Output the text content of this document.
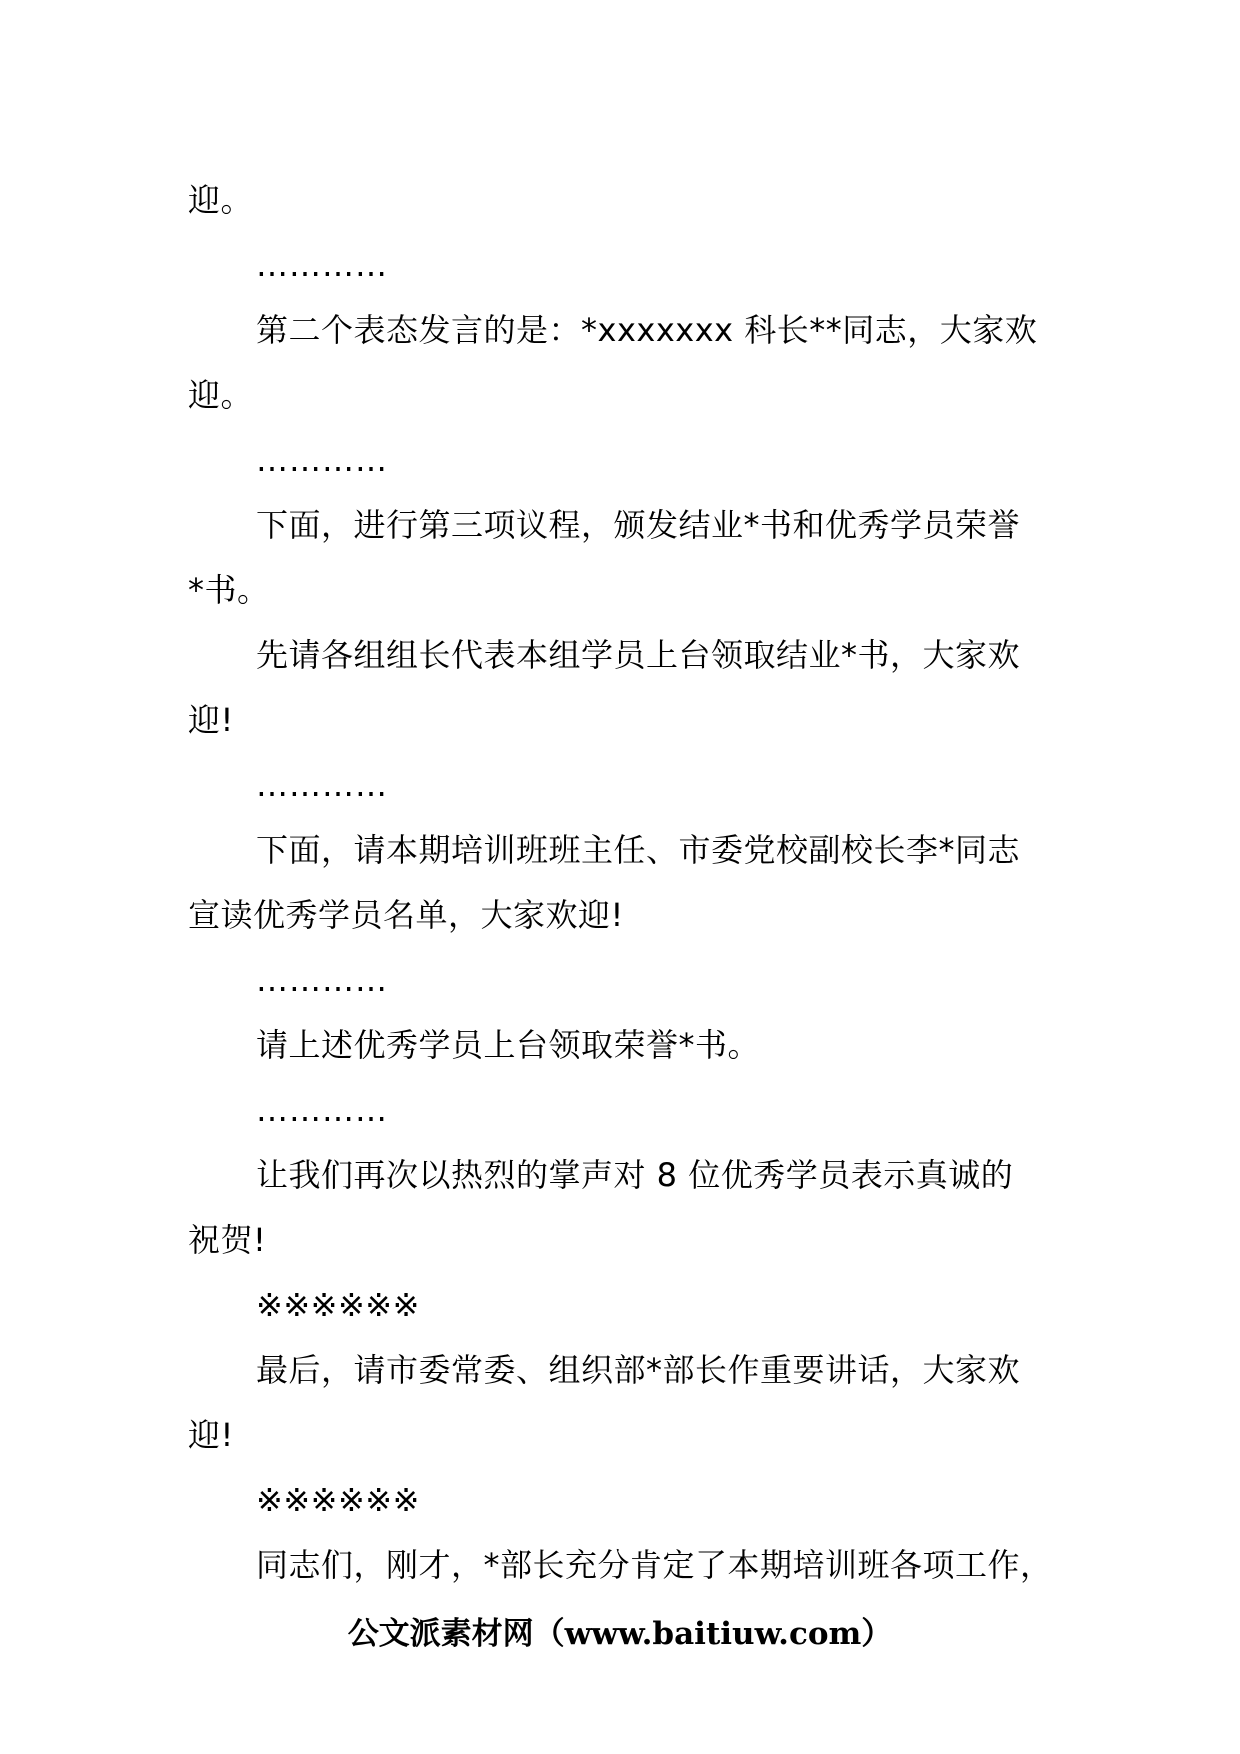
迎。
…………
第二个表态发言的是：*xxxxxxx 科长**同志，大家欢
迎。
…………
下面，进行第三项议程，颁发结业*书和优秀学员荣誉
*书。
先请各组组长代表本组学员上台领取结业*书，大家欢
迎!
…………
下面，请本期培训班班主任、市委党校副校长李*同志
宣读优秀学员名单，大家欢迎!
…………
请上述优秀学员上台领取荣誉*书。
…………
让我们再次以热烈的掌声对 8 位优秀学员表示真诚的
祝贺!
※※※※※※
最后，请市委常委、组织部*部长作重要讲话，大家欢
迎!
※※※※※※
同志们，刚才，*部长充分肯定了本期培训班各项工作，
公文派素材网（www.baitiuw.com）
